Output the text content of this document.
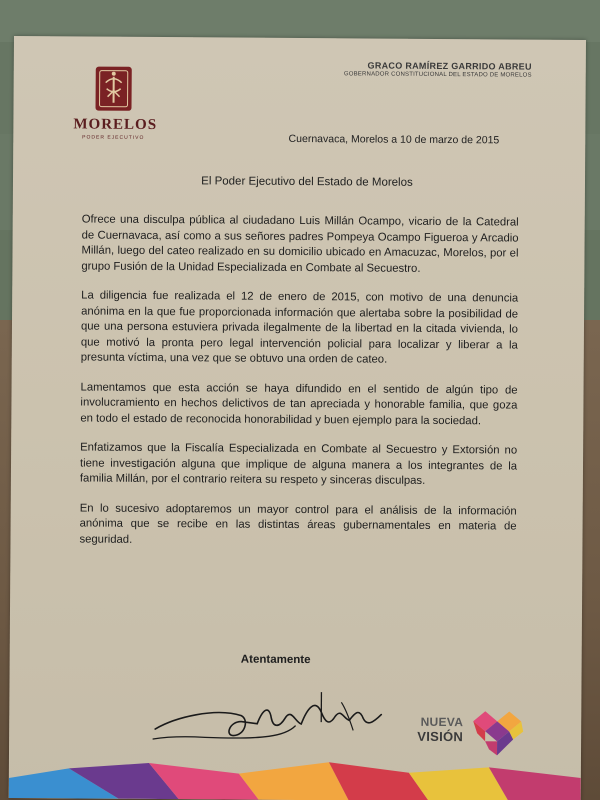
MORELOS
PODER EJECUTIVO
GRACO RAMÍREZ GARRIDO ABREU
GOBERNADOR CONSTITUCIONAL DEL ESTADO DE MORELOS
Cuernavaca, Morelos a 10 de marzo de 2015
El Poder Ejecutivo del Estado de Morelos

Ofrece una disculpa pública al ciudadano Luis Millán Ocampo, vicario de la Catedral de Cuernavaca, así como a sus señores padres Pompeya Ocampo Figueroa y Arcadio Millán, luego del cateo realizado en su domicilio ubicado en Amacuzac, Morelos, por el grupo Fusión de la Unidad Especializada en Combate al Secuestro.

La diligencia fue realizada el 12 de enero de 2015, con motivo de una denuncia anónima en la que fue proporcionada información que alertaba sobre la posibilidad de que una persona estuviera privada ilegalmente de la libertad en la citada vivienda, lo que motivó la pronta pero legal intervención policial para localizar y liberar a la presunta víctima, una vez que se obtuvo una orden de cateo.

Lamentamos que esta acción se haya difundido en el sentido de algún tipo de involucramiento en hechos delictivos de tan apreciada y honorable familia, que goza en todo el estado de reconocida honorabilidad y buen ejemplo para la sociedad.

Enfatizamos que la Fiscalía Especializada en Combate al Secuestro y Extorsión no tiene investigación alguna que implique de alguna manera a los integrantes de la familia Millán, por el contrario reitera su respeto y sinceras disculpas.

En lo sucesivo adoptaremos un mayor control para el análisis de la información anónima que se recibe en las distintas áreas gubernamentales en materia de seguridad.

Atentamente
NUEVA
VISIÓN
